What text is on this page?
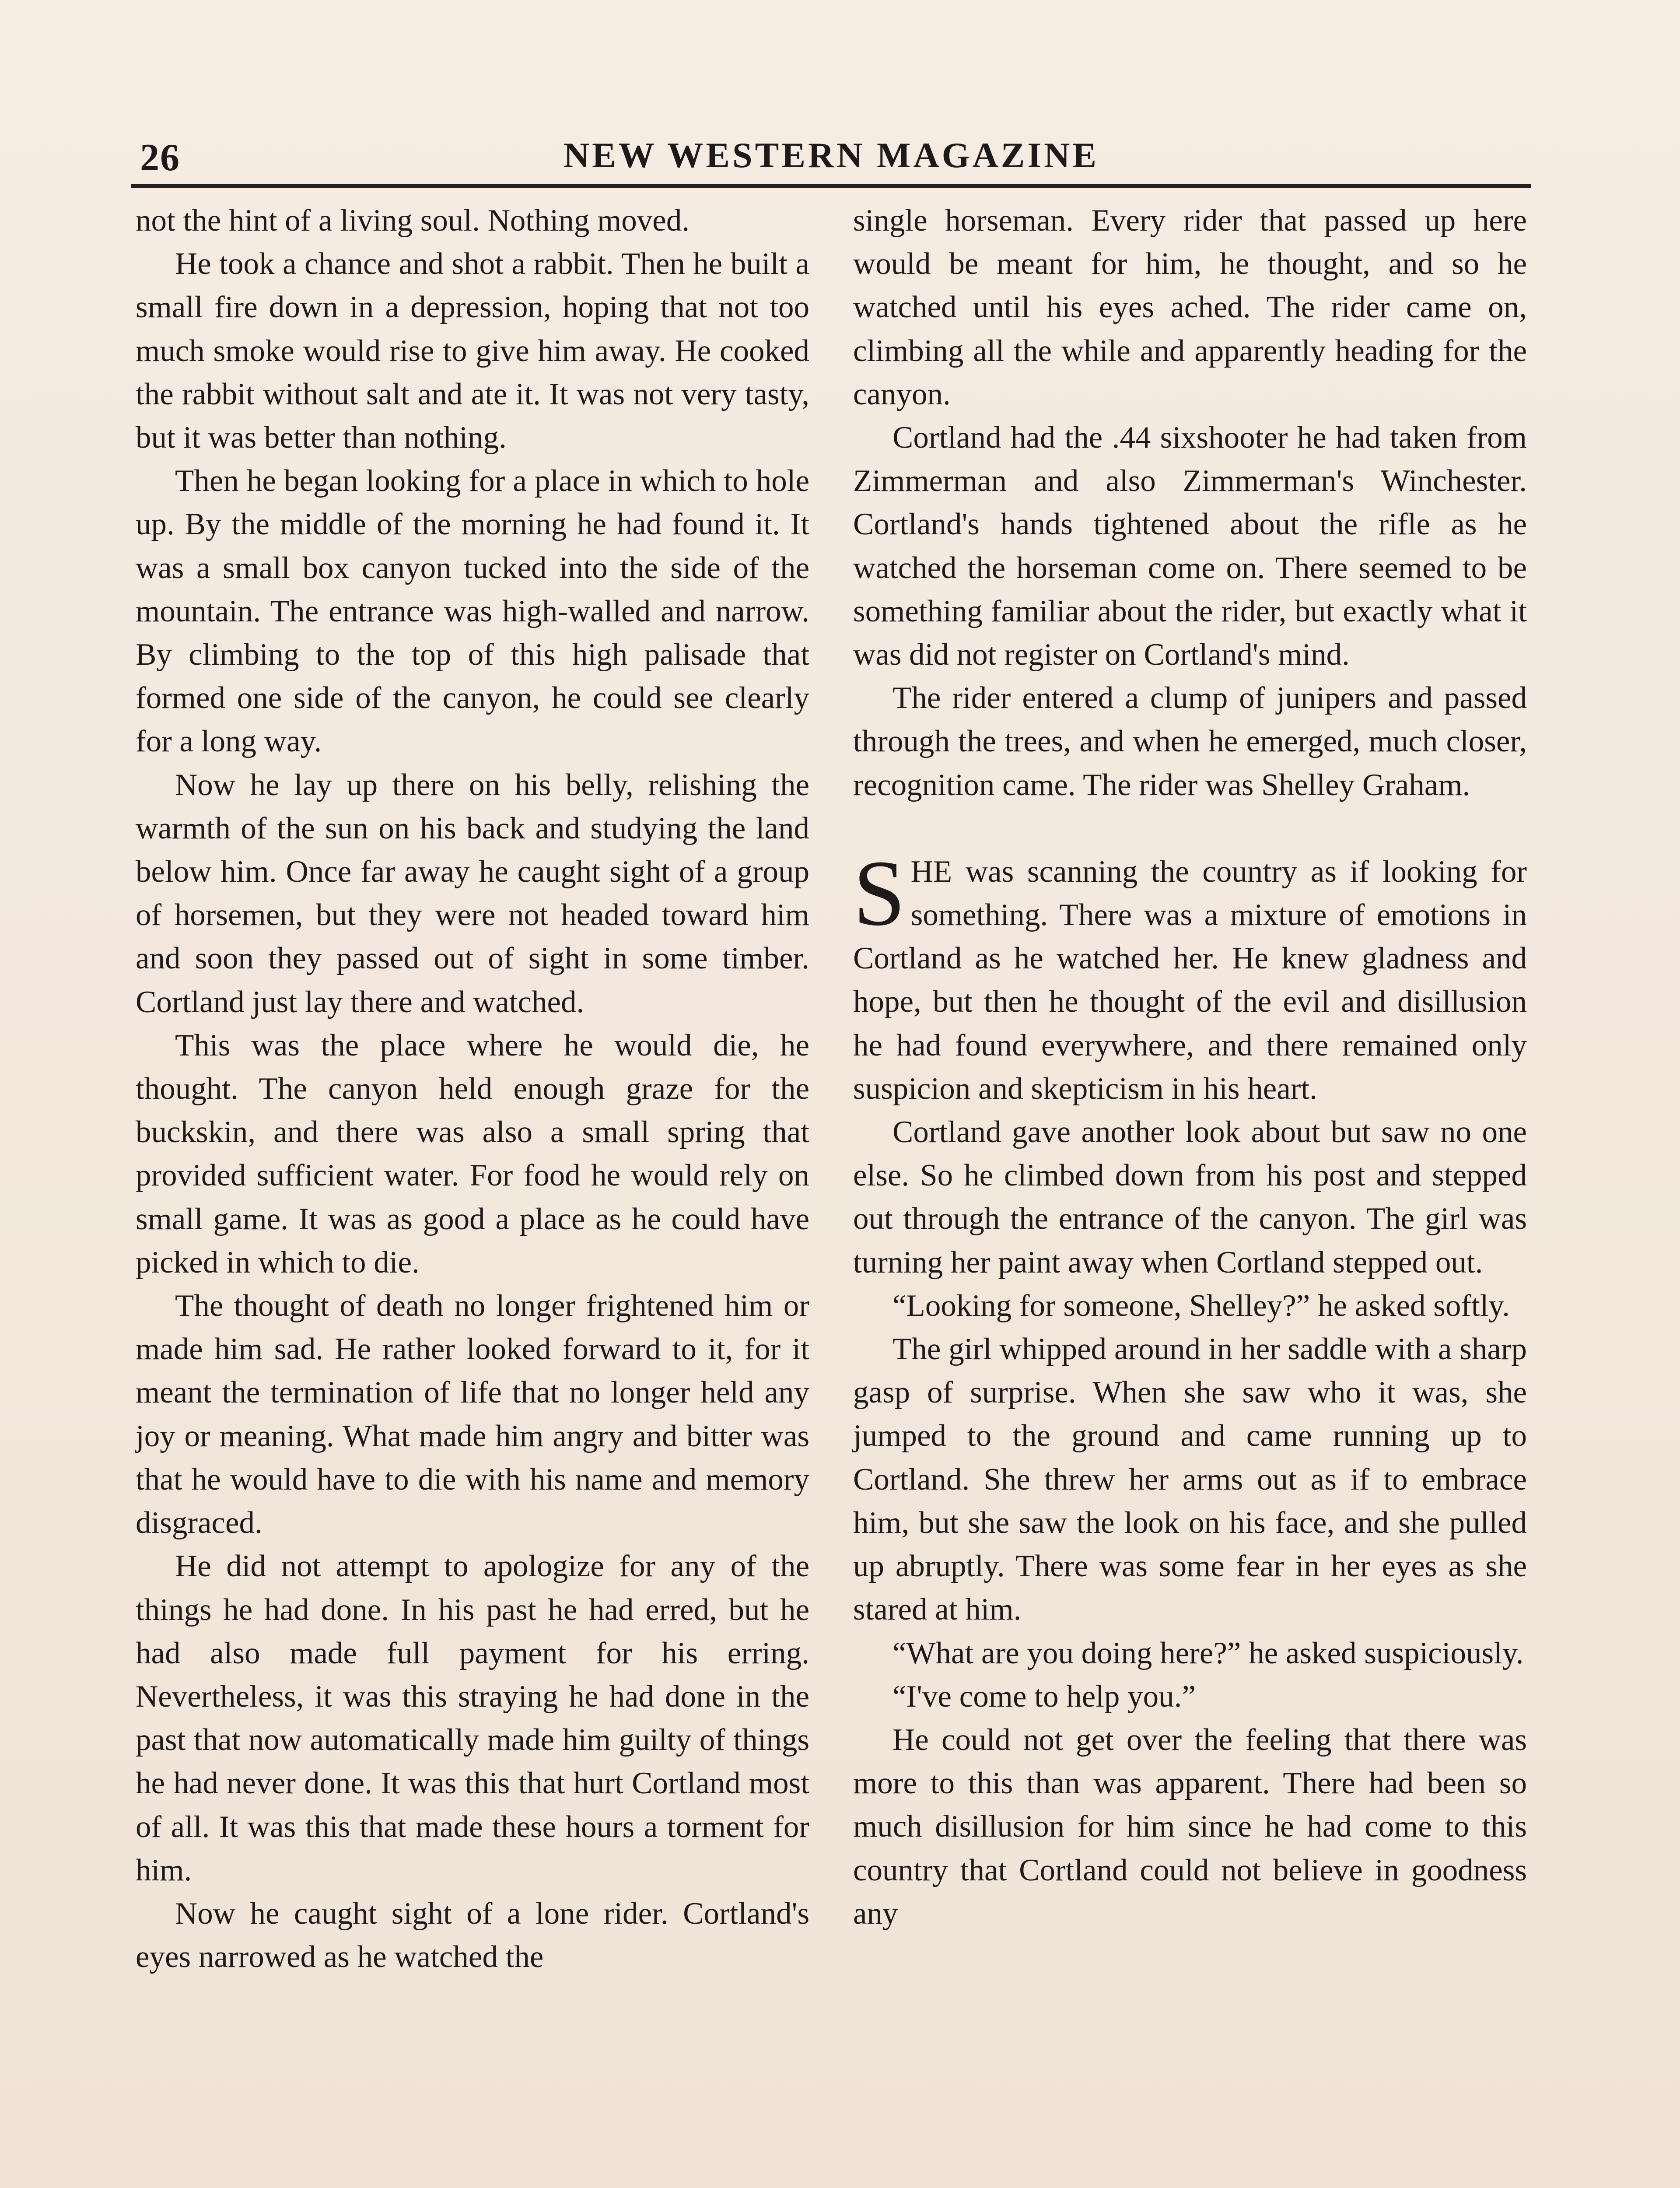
26	NEW WESTERN MAGAZINE

not the hint of a living soul. Nothing moved.

He took a chance and shot a rabbit. Then he built a small fire down in a depression, hoping that not too much smoke would rise to give him away. He cooked the rabbit without salt and ate it. It was not very tasty, but it was better than nothing.

Then he began looking for a place in which to hole up. By the middle of the morning he had found it. It was a small box canyon tucked into the side of the mountain. The entrance was high-walled and narrow. By climbing to the top of this high palisade that formed one side of the canyon, he could see clearly for a long way.

Now he lay up there on his belly, relishing the warmth of the sun on his back and studying the land below him. Once far away he caught sight of a group of horsemen, but they were not headed toward him and soon they passed out of sight in some timber. Cortland just lay there and watched.

This was the place where he would die, he thought. The canyon held enough graze for the buckskin, and there was also a small spring that provided sufficient water. For food he would rely on small game. It was as good a place as he could have picked in which to die.

The thought of death no longer frightened him or made him sad. He rather looked forward to it, for it meant the termination of life that no longer held any joy or meaning. What made him angry and bitter was that he would have to die with his name and memory disgraced.

He did not attempt to apologize for any of the things he had done. In his past he had erred, but he had also made full payment for his erring. Nevertheless, it was this straying he had done in the past that now automatically made him guilty of things he had never done. It was this that hurt Cortland most of all. It was this that made these hours a torment for him.

Now he caught sight of a lone rider. Cortland's eyes narrowed as he watched the

single horseman. Every rider that passed up here would be meant for him, he thought, and so he watched until his eyes ached. The rider came on, climbing all the while and apparently heading for the canyon.

Cortland had the .44 sixshooter he had taken from Zimmerman and also Zimmerman's Winchester. Cortland's hands tightened about the rifle as he watched the horseman come on. There seemed to be something familiar about the rider, but exactly what it was did not register on Cortland's mind.

The rider entered a clump of junipers and passed through the trees, and when he emerged, much closer, recognition came. The rider was Shelley Graham.

SHE was scanning the country as if looking for something. There was a mixture of emotions in Cortland as he watched her. He knew gladness and hope, but then he thought of the evil and disillusion he had found everywhere, and there remained only suspicion and skepticism in his heart.

Cortland gave another look about but saw no one else. So he climbed down from his post and stepped out through the entrance of the canyon. The girl was turning her paint away when Cortland stepped out.

“Looking for someone, Shelley?” he asked softly.

The girl whipped around in her saddle with a sharp gasp of surprise. When she saw who it was, she jumped to the ground and came running up to Cortland. She threw her arms out as if to embrace him, but she saw the look on his face, and she pulled up abruptly. There was some fear in her eyes as she stared at him.

“What are you doing here?” he asked suspiciously.

“I've come to help you.”

He could not get over the feeling that there was more to this than was apparent. There had been so much disillusion for him since he had come to this country that Cortland could not believe in goodness any
